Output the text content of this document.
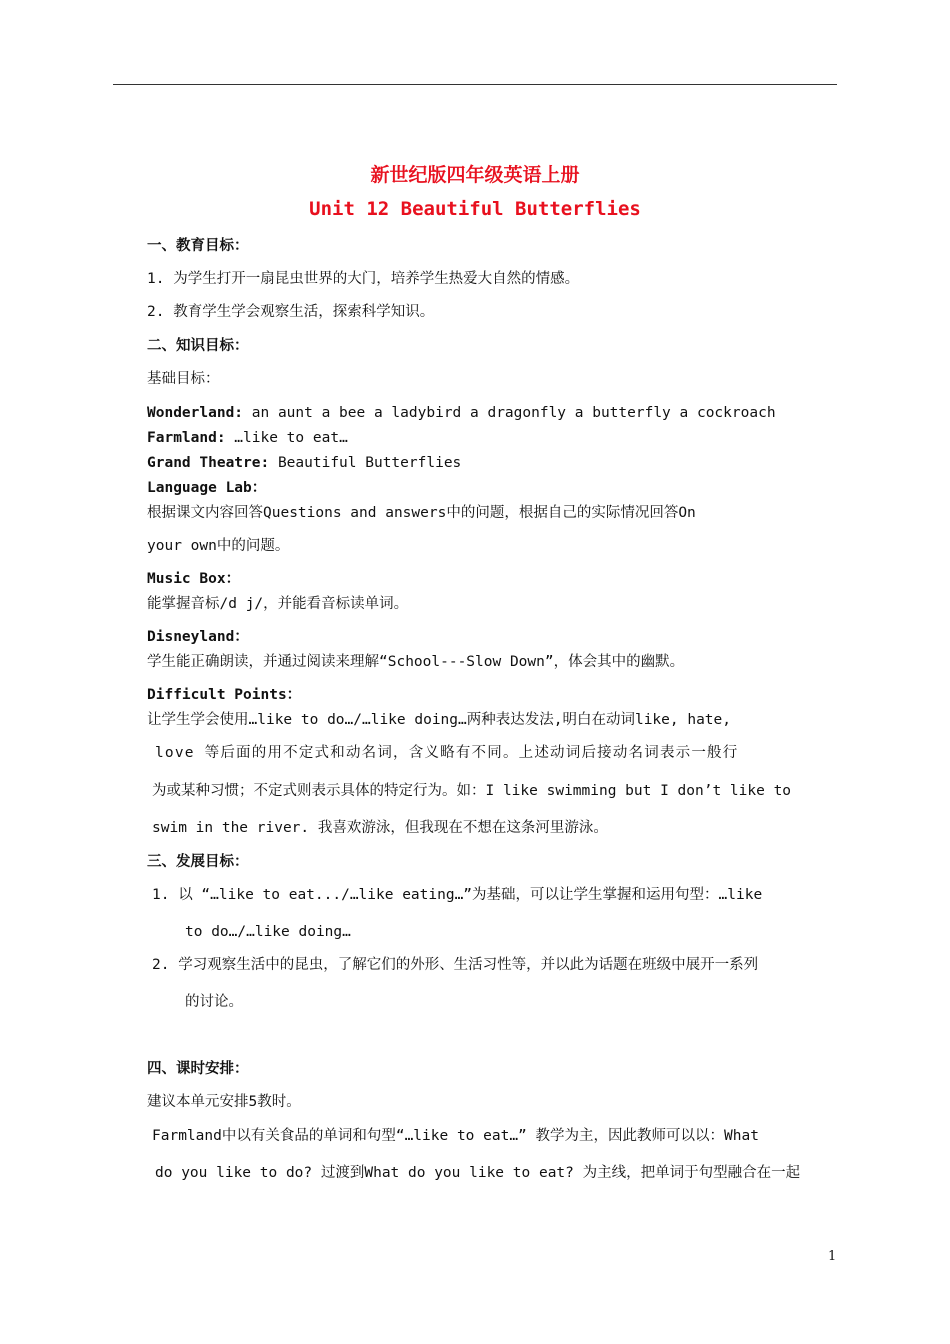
新世纪版四年级英语上册
Unit 12 Beautiful Butterflies
一、教育目标：
1. 为学生打开一扇昆虫世界的大门，培养学生热爱大自然的情感。
2. 教育学生学会观察生活，探索科学知识。
二、知识目标：
基础目标：
Wonderland: an aunt a bee a ladybird a dragonfly a butterfly a cockroach
Farmland: …like to eat…
Grand Theatre: Beautiful Butterflies
Language Lab：
根据课文内容回答Questions and answers中的问题，根据自己的实际情况回答On
your own中的问题。
Music Box：
能掌握音标/d j/，并能看音标读单词。
Disneyland：
学生能正确朗读，并通过阅读来理解“School---Slow Down”，体会其中的幽默。
Difficult Points：
让学生学会使用…like to do…/…like doing…两种表达发法,明白在动词like, hate,
love 等后面的用不定式和动名词，含义略有不同。上述动词后接动名词表示一般行
为或某种习惯；不定式则表示具体的特定行为。如：I like swimming but I don’t like to
swim in the river. 我喜欢游泳，但我现在不想在这条河里游泳。
三、发展目标：
1. 以 “…like to eat.../…like eating…”为基础，可以让学生掌握和运用句型：…like
to do…/…like doing…
2. 学习观察生活中的昆虫，了解它们的外形、生活习性等，并以此为话题在班级中展开一系列
的讨论。
四、课时安排：
建议本单元安排5教时。
Farmland中以有关食品的单词和句型“…like to eat…” 教学为主，因此教师可以以：What
do you like to do? 过渡到What do you like to eat? 为主线，把单词于句型融合在一起
1
